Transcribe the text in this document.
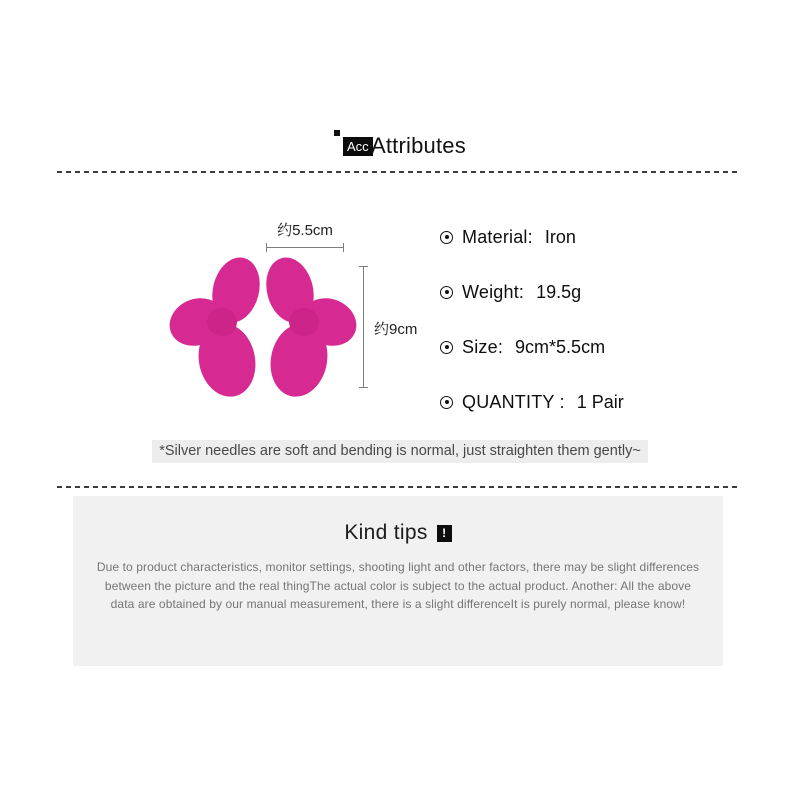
Acc Attributes
约5.5cm
约9cm
Material: Iron
Weight: 19.5g
Size: 9cm*5.5cm
QUANTITY : 1 Pair
*Silver needles are soft and bending is normal, just straighten them gently~
Kind tips	!
Due to product characteristics, monitor settings, shooting light and other factors, there may be slight differences between the picture and the real thingThe actual color is subject to the actual product. Another: All the above data are obtained by our manual measurement, there is a slight differenceIt is purely normal, please know!
